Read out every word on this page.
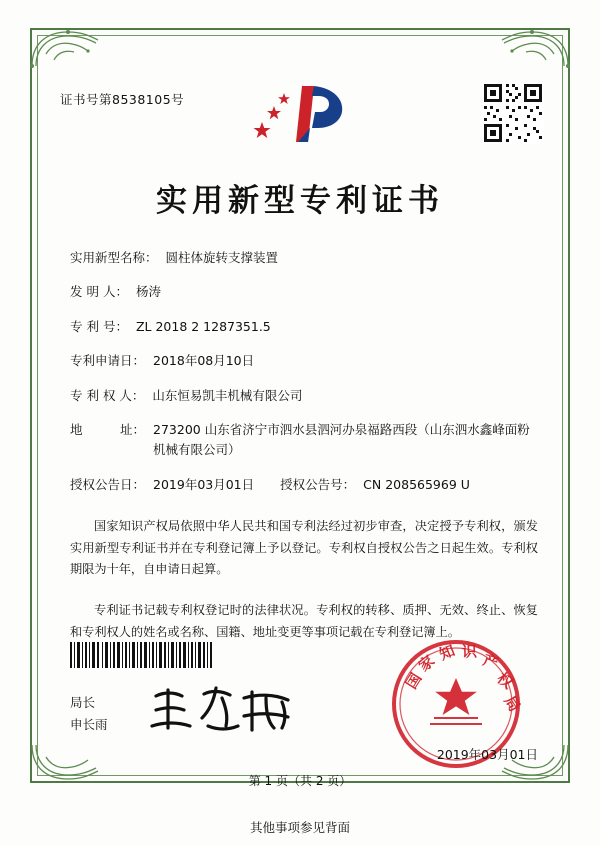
证书号第8538105号
实用新型专利证书
实用新型名称： 圆柱体旋转支撑装置
发 明 人： 杨涛
专 利 号： ZL 2018 2 1287351.5
专利申请日： 2018年08月10日
专 利 权 人： 山东恒易凯丰机械有限公司
地　　　址： 273200 山东省济宁市泗水县泗河办泉福路西段（山东泗水鑫峰面粉机械有限公司）
授权公告日： 2019年03月01日	授权公告号： CN 208565969 U
国家知识产权局依照中华人民共和国专利法经过初步审查，决定授予专利权，颁发实用新型专利证书并在专利登记簿上予以登记。专利权自授权公告之日起生效。专利权期限为十年，自申请日起算。
专利证书记载专利权登记时的法律状况。专利权的转移、质押、无效、终止、恢复和专利权人的姓名或名称、国籍、地址变更等事项记载在专利登记簿上。
局长
申长雨
国
家
知 识 产
权
局
2019年03月01日
第 1 页（共 2 页）
其他事项参见背面
